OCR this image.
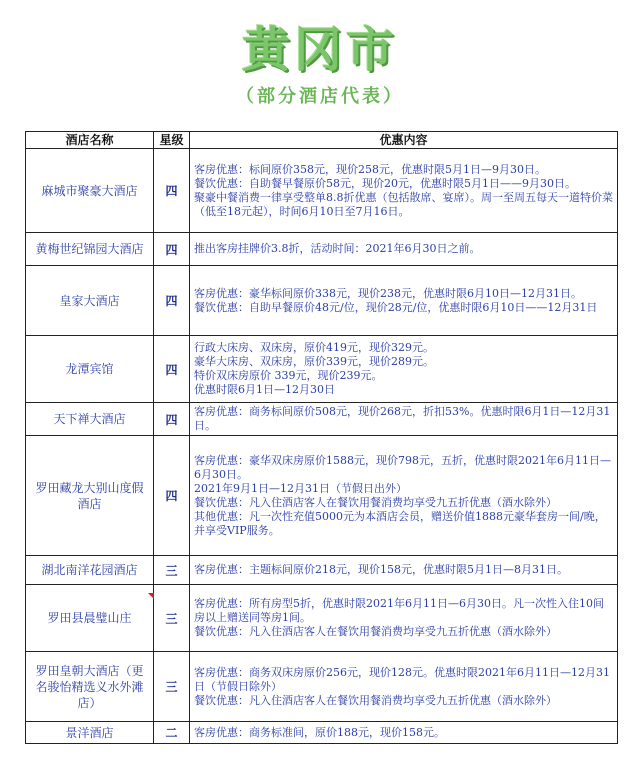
黄冈市
（部分酒店代表）
酒店名称	星级	优惠内容
麻城市聚豪大酒店	四	客房优惠：标间原价358元，现价258元，优惠时限5月1日—9月30日。
餐饮优惠：自助餐早餐原价58元，现价20元，优惠时限5月1日——9月30日。
聚豪中餐消费一律享受整单8.8折优惠（包括散席、宴席）。周一至周五每天一道特价菜（低至18元起），时间6月10日至7月16日。

黄梅世纪锦园大酒店	四	推出客房挂牌价3.8折，活动时间：2021年6月30日之前。

皇家大酒店	四	客房优惠：豪华标间原价338元，现价238元，优惠时限6月10日—12月31日。
餐饮优惠：自助早餐原价48元/位，现价28元/位，优惠时限6月10日——12月31日

龙潭宾馆	四	行政大床房、双床房，原价419元，现价329元。
豪华大床房、双床房，原价339元，现价289元。
特价双床房原价 339元，现价239元。
优惠时限6月1日—12月30日

天下禅大酒店	四	客房优惠：商务标间原价508元，现价268元，折扣53%。优惠时限6月1日—12月31日。

罗田藏龙大别山度假酒店	四	客房优惠：豪华双床房原价1588元，现价798元，五折，优惠时限2021年6月11日—6月30日。
2021年9月1日—12月31日（节假日出外）
餐饮优惠：凡入住酒店客人在餐饮用餐消费均享受九五折优惠（酒水除外）
其他优惠：凡一次性充值5000元为本酒店会员，赠送价值1888元豪华套房一间/晚，并享受VIP服务。

湖北南洋花园酒店	三	客房优惠：主题标间原价218元，现价158元，优惠时限5月1日—8月31日。

罗田县晨璧山庄	三	客房优惠：所有房型5折，优惠时限2021年6月11日—6月30日。凡一次性入住10间房以上赠送同等房1间。
餐饮优惠：凡入住酒店客人在餐饮用餐消费均享受九五折优惠（酒水除外）

罗田皇朝大酒店（更名骏怡精选义水外滩店）	三	客房优惠：商务双床房原价256元，现价128元。优惠时限2021年6月11日—12月31日（节假日除外）
餐饮优惠：凡入住酒店客人在餐饮用餐消费均享受九五折优惠（酒水除外）

景洋酒店	二	客房优惠：商务标准间，原价188元，现价158元。
